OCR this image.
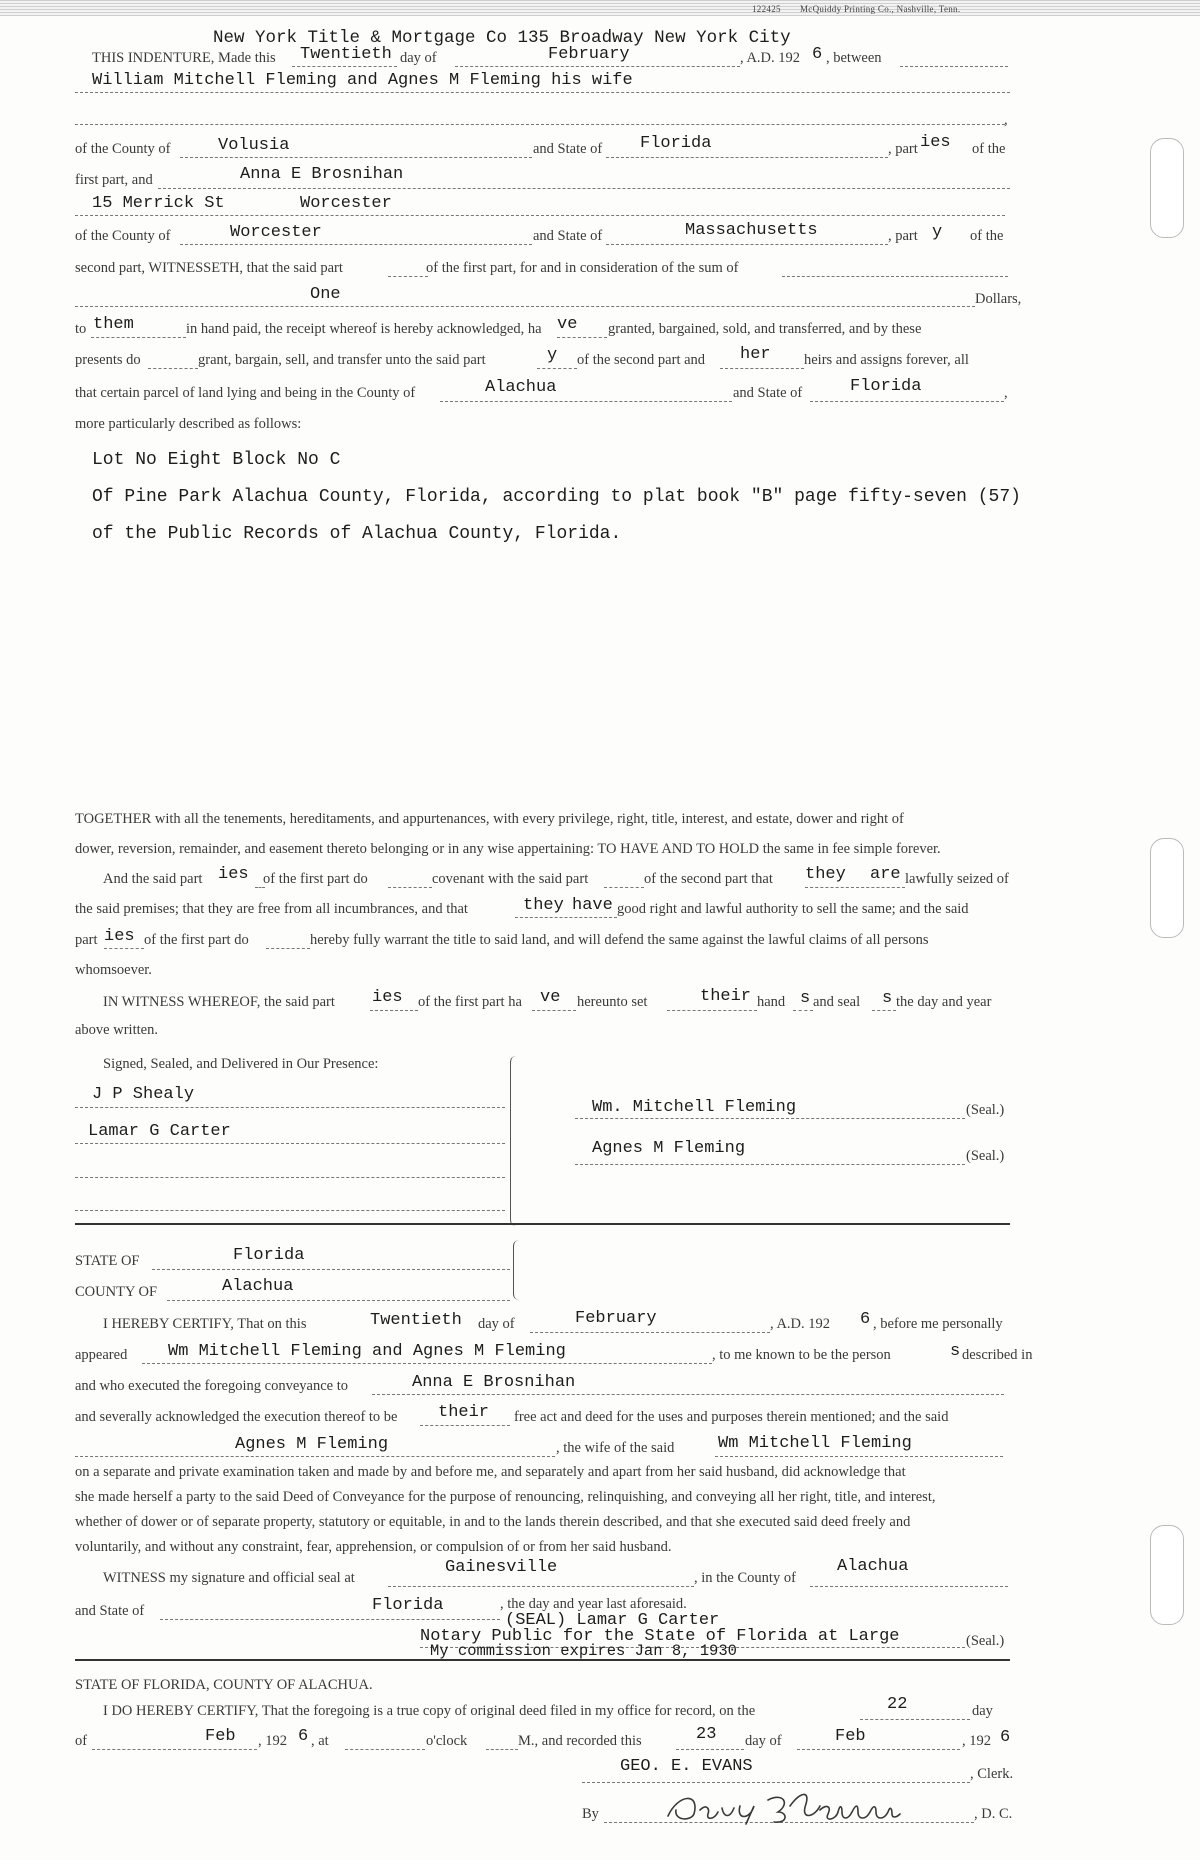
122425 McQuiddy Printing Co., Nashville, Tenn.
New York Title & Mortgage Co 135 Broadway New York City
THIS INDENTURE, Made this Twentieth day of	February	, A.D. 192 6 , between
William Mitchell Fleming and Agnes M Fleming his wife
,
of the County of	Volusia	and State of Florida	, part ies of the
first part, and	Anna E Brosnihan
15 Merrick St	Worcester
of the County of	Worcester	and State of	Massachusetts	, part y of the
second part, WITNESSETH, that the said part	of the first part, for and in consideration of the sum of
One	Dollars,
to them	in hand paid, the receipt whereof is hereby acknowledged, ha ve granted, bargained, sold, and transferred, and by these
presents do	grant, bargain, sell, and transfer unto the said part	y of the second part and her heirs and assigns forever, all
that certain parcel of land lying and being in the County of	Alachua	and State of	Florida	,
more particularly described as follows:
Lot No Eight Block No C
Of Pine Park Alachua County, Florida, according to plat book "B" page fifty-seven (57)
of the Public Records of Alachua County, Florida.
TOGETHER with all the tenements, hereditaments, and appurtenances, with every privilege, right, title, interest, and estate, dower and right of
dower, reversion, remainder, and easement thereto belonging or in any wise appertaining: TO HAVE AND TO HOLD the same in fee simple forever.
And the said part ies of the first part do	covenant with the said part	of the second part that they are lawfully seized of
the said premises; that they are free from all incumbrances, and that	they have good right and lawful authority to sell the same; and the said
part ies of the first part do	hereby fully warrant the title to said land, and will defend the same against the lawful claims of all persons
whomsoever.
IN WITNESS WHEREOF, the said part ies of the first part ha ve hereunto set	their hand s and seal s the day and year
above written.
Signed, Sealed, and Delivered in Our Presence:
J P Shealy
Lamar G Carter
Wm. Mitchell Fleming	(Seal.)
Agnes M Fleming	(Seal.)
STATE OF	Florida
COUNTY OF	Alachua
I HEREBY CERTIFY, That on this	Twentieth day of	February	, A.D. 192 6 , before me personally
appeared Wm Mitchell Fleming and Agnes M Fleming	, to me known to be the person	s described in
and who executed the foregoing conveyance to	Anna E Brosnihan
and severally acknowledged the execution thereof to be their free act and deed for the uses and purposes therein mentioned; and the said
Agnes M Fleming	, the wife of the said	Wm Mitchell Fleming
on a separate and private examination taken and made by and before me, and separately and apart from her said husband, did acknowledge that
she made herself a party to the said Deed of Conveyance for the purpose of renouncing, relinquishing, and conveying all her right, title, and interest,
whether of dower or of separate property, statutory or equitable, in and to the lands therein described, and that she executed said deed freely and
voluntarily, and without any constraint, fear, apprehension, or compulsion of or from her said husband.
WITNESS my signature and official seal at
Gainesville
, in the County of
Alachua
and State of	Florida	, the day and year last aforesaid.
(SEAL) Lamar G Carter
Notary Public for the State of Florida at Large	(Seal.)
My commission expires Jan 8, 1930
STATE OF FLORIDA, COUNTY OF ALACHUA.
I DO HEREBY CERTIFY, That the foregoing is a true copy of original deed filed in my office for record, on the	22	day
of	Feb , 192 6 , at	o'clock	M., and recorded this	23 day of	Feb	, 192 6
GEO. E. EVANS	, Clerk.
By	, D. C.
